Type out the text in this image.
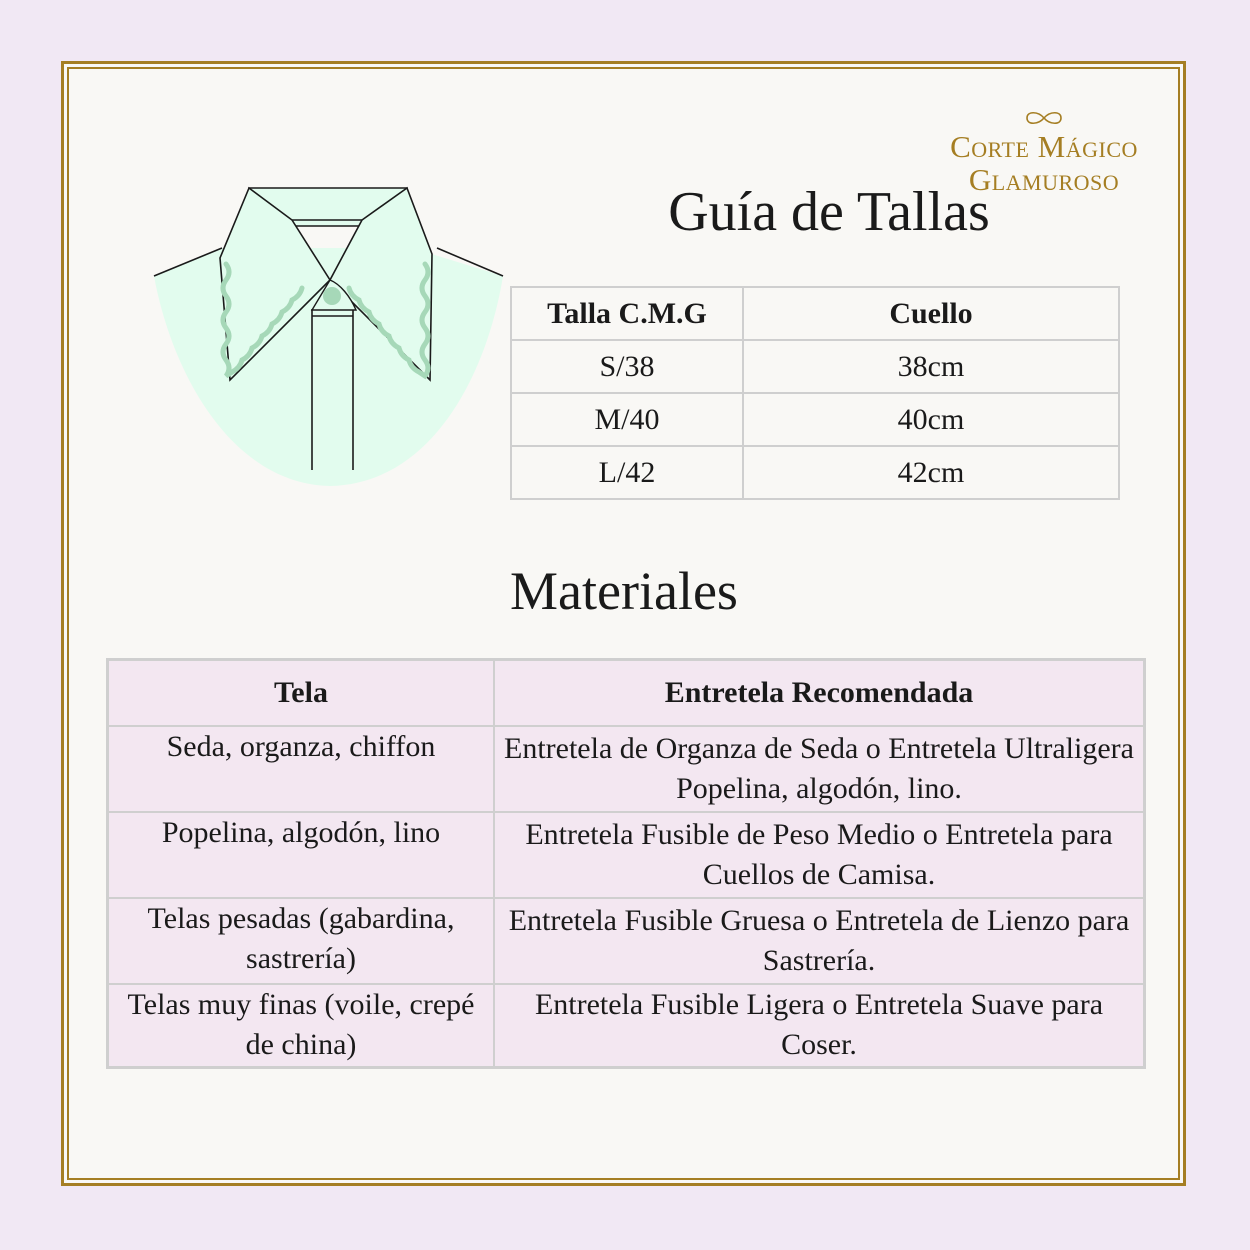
Corte Mágico
Glamuroso
Guía de Tallas
Talla C.M.G	Cuello
S/38	38cm
M/40	40cm
L/42	42cm
Materiales
Tela	Entretela Recomendada
Seda, organza, chiffon	Entretela de Organza de Seda o Entretela Ultraligera Popelina, algodón, lino.
Popelina, algodón, lino	Entretela Fusible de Peso Medio o Entretela para Cuellos de Camisa.
Telas pesadas (gabardina, sastrería)	Entretela Fusible Gruesa o Entretela de Lienzo para Sastrería.
Telas muy finas (voile, crepé de china)	Entretela Fusible Ligera o Entretela Suave para Coser.
